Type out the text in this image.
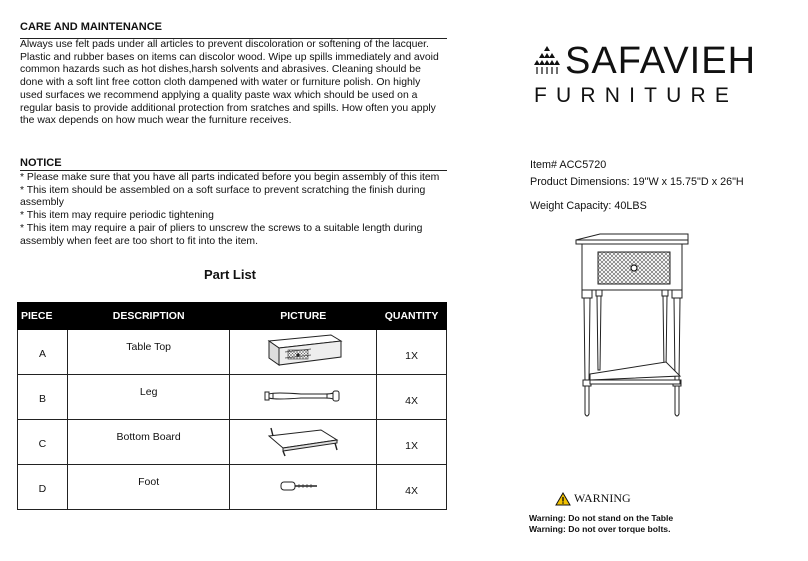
CARE AND MAINTENANCE
Always use felt pads under all articles to prevent discoloration or softening of the lacquer. Plastic and rubber bases on items can discolor wood. Wipe up spills immediately and avoid common hazards such as hot dishes,harsh solvents and abrasives. Cleaning should be done with a soft lint free cotton cloth dampened with water or furniture polish. On highly used surfaces we recommend applying a quality paste wax which should be used on a regular basis to provide additional protection from sratches and spills. How often you apply the wax depends on how much wear the furniture receives.
NOTICE
* Please make sure that you have all parts indicated before you begin assembly of this item
* This item should be assembled on a soft surface to prevent scratching the finish during assembly
* This item may require periodic tightening
* This item may require a pair of pliers to unscrew the screws to a suitable length during assembly when feet are too short to fit into the item.
Part List
PIECE	DESCRIPTION	PICTURE	QUANTITY
A	Table Top		1X
B	Leg		4X
C	Bottom Board		1X
D	Foot		4X
SAFAVIEH
FURNITURE
Item# ACC5720
Product Dimensions: 19"W x 15.75"D x 26"H
Weight Capacity: 40LBS
WARNING
Warning: Do not stand on the Table
Warning: Do not over torque bolts.
